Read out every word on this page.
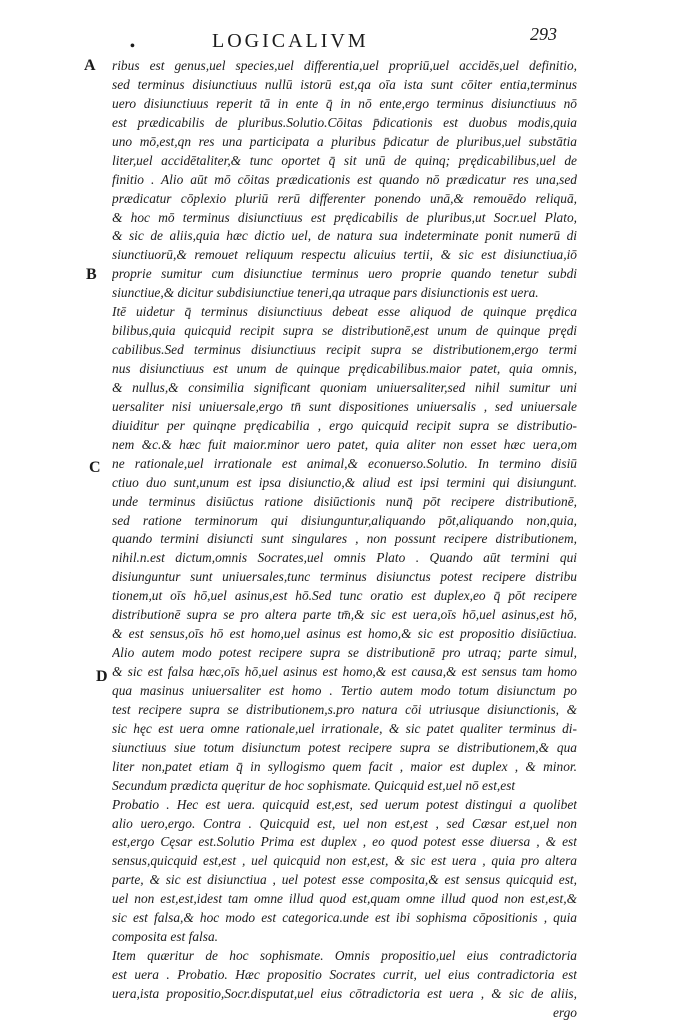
•	LOGICALIVM	293
A
B
C
D
ribus est genus,uel species,uel differentia,uel propriū,uel accidēs,uel definitio,
sed terminus disiunctiuus nullū istorū est,qa oīa ista sunt cōiter entia,terminus
uero disiunctiuus reperit tā in ente q̄ in nō ente,ergo terminus disiunctiuus nō
est prædicabilis de pluribus.Solutio.Cōitas p̄dicationis est duobus modis,quia
uno mō,est,qn res una participata a pluribus p̄dicatur de pluribus,uel substātia
liter,uel accidētaliter,& tunc oportet q̄ sit unū de quinq; prędicabilibus,uel de
finitio . Alio aūt mō cōitas prædicationis est quando nō prædicatur res una,sed
prædicatur cōplexio pluriū rerū differenter ponendo unā,& remouēdo reliquā,
& hoc mō terminus disiunctiuus est prędicabilis de pluribus,ut Socr.uel Plato,
& sic de aliis,quia hæc dictio uel, de natura sua indeterminate ponit numerū di
siunctiuorū,& remouet reliquum respectu alicuius tertii, & sic est disiunctiua,iō
proprie sumitur cum disiunctiue terminus uero proprie quando tenetur subdi
siunctiue,& dicitur subdisiunctiue teneri,qa utraque pars disiunctionis est uera.
Itē uidetur q̄ terminus disiunctiuus debeat esse aliquod de quinque prędica
bilibus,quia quicquid recipit supra se distributionē,est unum de quinque prędi
cabilibus.Sed terminus disiunctiuus recipit supra se distributionem,ergo termi
nus disiunctiuus est unum de quinque prędicabilibus.maior patet, quia omnis,
& nullus,& consimilia significant quoniam uniuersaliter,sed nihil sumitur uni
uersaliter nisi uniuersale,ergo tn̄ sunt dispositiones uniuersalis , sed uniuersale
diuiditur per quinqne prędicabilia , ergo quicquid recipit supra se distributio-
nem &c.& hæc fuit maior.minor uero patet, quia aliter non esset hæc uera,om
ne rationale,uel irrationale est animal,& econuerso.Solutio. In termino disiū
ctiuo duo sunt,unum est ipsa disiunctio,& aliud est ipsi termini qui disiungunt.
unde terminus disiūctus ratione disiūctionis nunq̄ pōt recipere distributionē,
sed ratione terminorum qui disiunguntur,aliquando pōt,aliquando non,quia,
quando termini disiuncti sunt singulares , non possunt recipere distributionem,
nihil.n.est dictum,omnis Socrates,uel omnis Plato . Quando aūt termini qui
disiunguntur sunt uniuersales,tunc terminus disiunctus potest recipere distribu
tionem,ut oīs hō,uel asinus,est hō.Sed tunc oratio est duplex,eo q̄ pōt recipere
distributionē supra se pro altera parte tm̄,& sic est uera,oīs hō,uel asinus,est hō,
& est sensus,oīs hō est homo,uel asinus est homo,& sic est propositio disiūctiua.
Alio autem modo potest recipere supra se distributionē pro utraq; parte simul,
& sic est falsa hæc,oīs hō,uel asinus est homo,& est causa,& est sensus tam homo
qua masinus uniuersaliter est homo . Tertio autem modo totum disiunctum po
test recipere supra se distributionem,s.pro natura cōi utriusque disiunctionis, &
sic hęc est uera omne rationale,uel irrationale, & sic patet qualiter terminus di-
siunctiuus siue totum disiunctum potest recipere supra se distributionem,& qua
liter non,patet etiam q̄ in syllogismo quem facit , maior est duplex , & minor.
Secundum prædicta quęritur de hoc sophismate. Quicquid est,uel nō est,est
Probatio . Hec est uera. quicquid est,est, sed uerum potest distingui a quolibet
alio uero,ergo. Contra . Quicquid est, uel non est,est , sed Cæsar est,uel non
est,ergo Cęsar est.Solutio Prima est duplex , eo quod potest esse diuersa , & est
sensus,quicquid est,est , uel quicquid non est,est, & sic est uera , quia pro altera
parte, & sic est disiunctiua , uel potest esse composita,& est sensus quicquid est,
uel non est,est,idest tam omne illud quod est,quam omne illud quod non est,est,&
sic est falsa,& hoc modo est categorica.unde est ibi sophisma cōpositionis , quia
composita est falsa.
Item quæritur de hoc sophismate. Omnis propositio,uel eius contradictoria
est uera . Probatio. Hæc propositio Socrates currit, uel eius contradictoria est
uera,ista propositio,Socr.disputat,uel eius cōtradictoria est uera , & sic de aliis,
ergo
